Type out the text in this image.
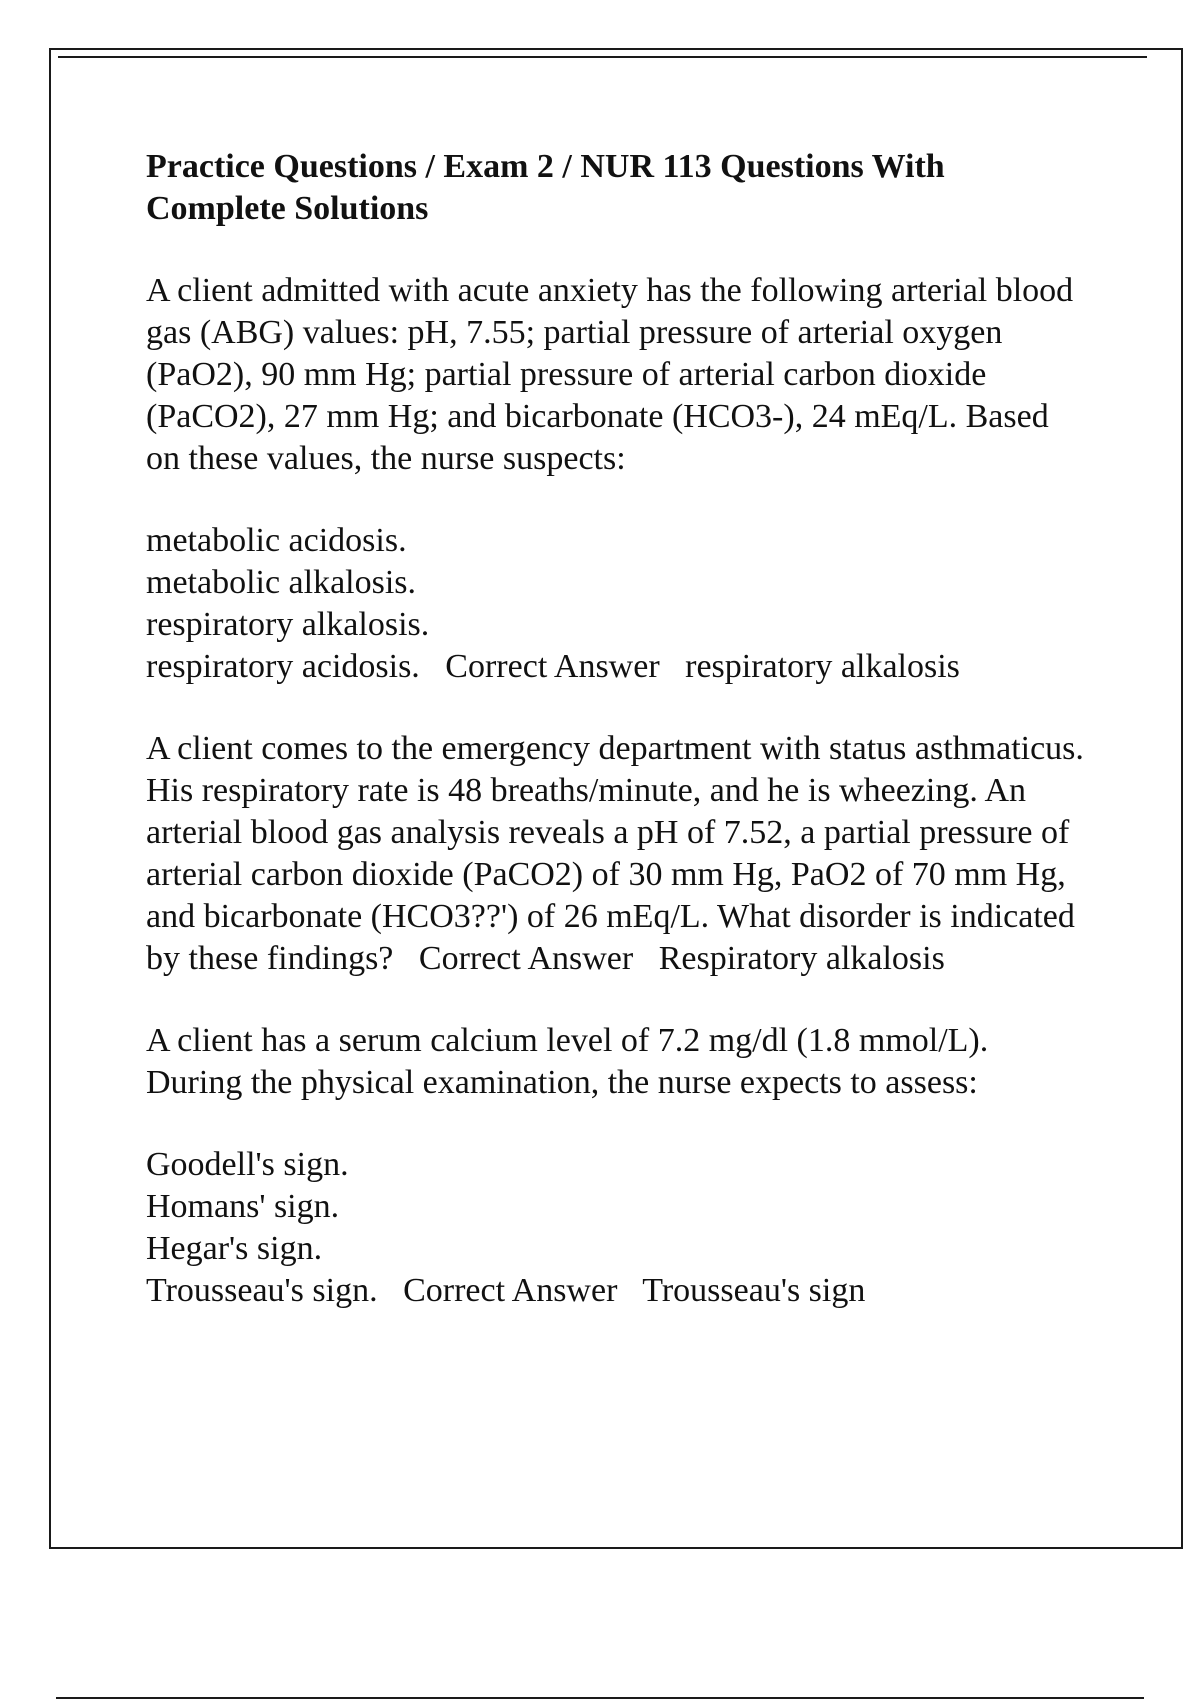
Practice Questions / Exam 2 / NUR 113 Questions With Complete Solutions
A client admitted with acute anxiety has the following arterial blood gas (ABG) values: pH, 7.55; partial pressure of arterial oxygen (PaO2), 90 mm Hg; partial pressure of arterial carbon dioxide (PaCO2), 27 mm Hg; and bicarbonate (HCO3-), 24 mEq/L. Based on these values, the nurse suspects:
metabolic acidosis.
metabolic alkalosis.
respiratory alkalosis.
respiratory acidosis.   Correct Answer   respiratory alkalosis
A client comes to the emergency department with status asthmaticus. His respiratory rate is 48 breaths/minute, and he is wheezing. An arterial blood gas analysis reveals a pH of 7.52, a partial pressure of arterial carbon dioxide (PaCO2) of 30 mm Hg, PaO2 of 70 mm Hg, and bicarbonate (HCO3??') of 26 mEq/L. What disorder is indicated by these findings?   Correct Answer   Respiratory alkalosis
A client has a serum calcium level of 7.2 mg/dl (1.8 mmol/L). During the physical examination, the nurse expects to assess:
Goodell's sign.
Homans' sign.
Hegar's sign.
Trousseau's sign.   Correct Answer   Trousseau's sign
